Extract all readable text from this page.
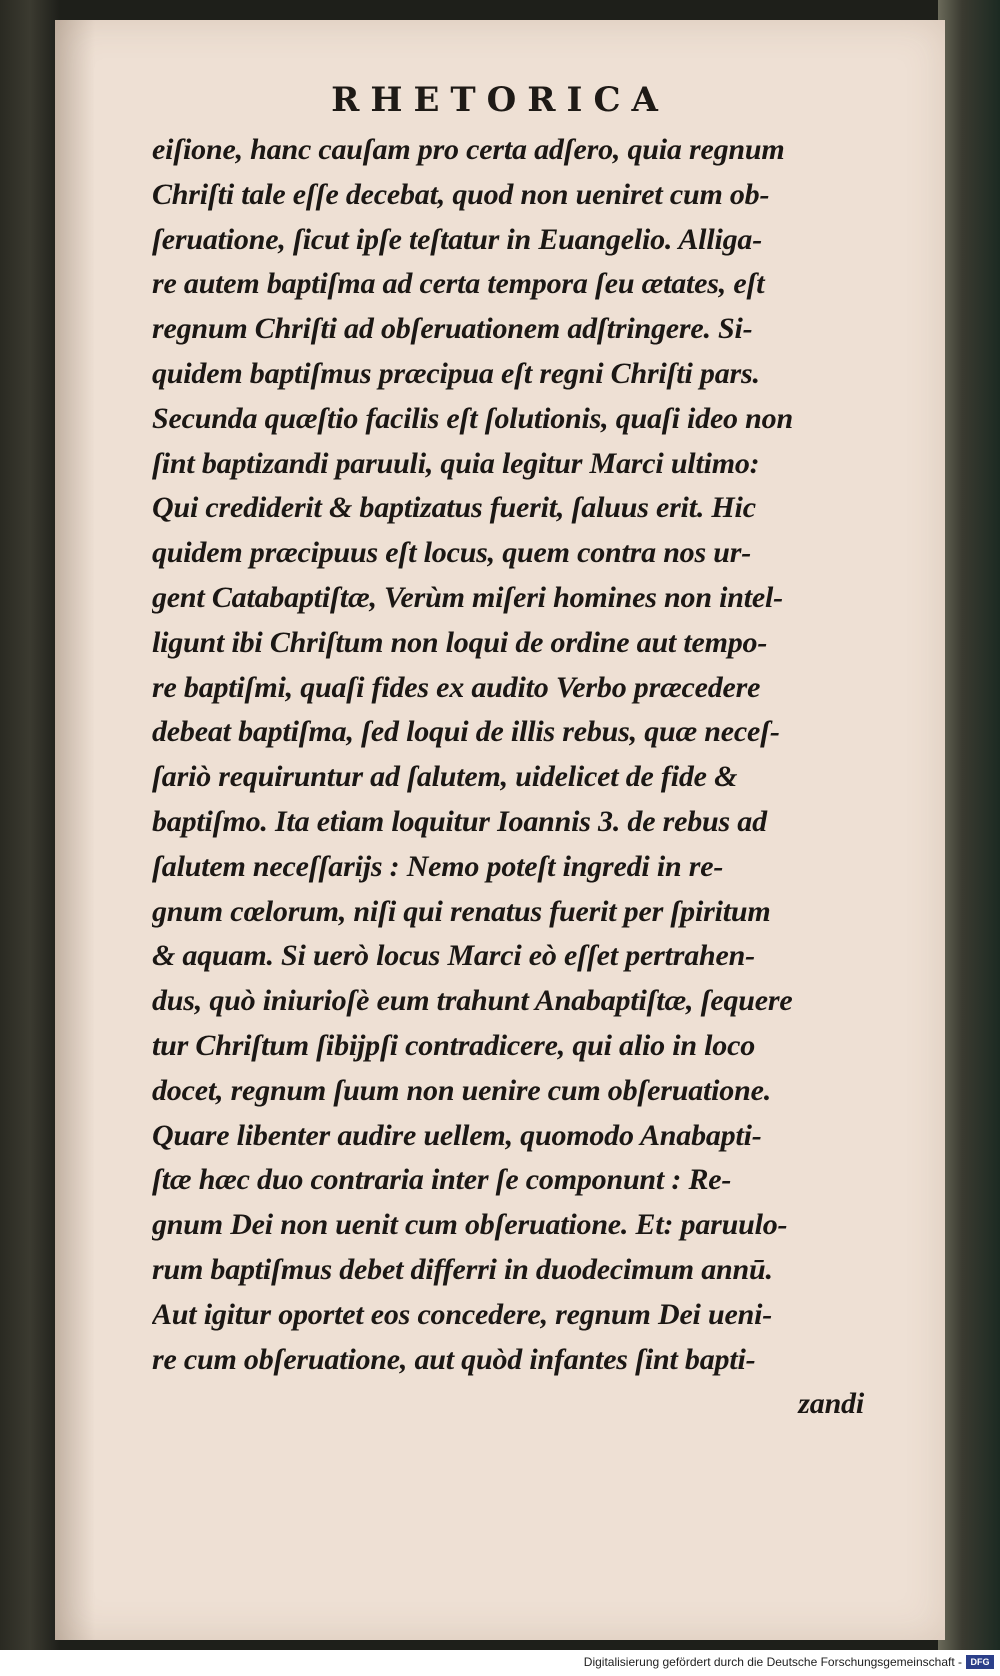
RHETORICA
eiſione, hanc cauſam pro certa adſero, quia regnum
Chriſti tale eſſe decebat, quod non ueniret cum ob-
ſeruatione, ſicut ipſe teſtatur in Euangelio. Alliga-
re autem baptiſma ad certa tempora ſeu ætates, eſt
regnum Chriſti ad obſeruationem adſtringere. Si-
quidem baptiſmus præcipua eſt regni Chriſti pars.
Secunda quæſtio facilis eſt ſolutionis, quaſi ideo non
ſint baptizandi paruuli, quia legitur Marci ultimo:
Qui crediderit & baptizatus fuerit, ſaluus erit. Hic
quidem præcipuus eſt locus, quem contra nos ur-
gent Catabaptiſtæ, Verùm miſeri homines non intel-
ligunt ibi Chriſtum non loqui de ordine aut tempo-
re baptiſmi, quaſi fides ex audito Verbo præcedere
debeat baptiſma, ſed loqui de illis rebus, quæ neceſ-
ſariò requiruntur ad ſalutem, uidelicet de fide &
baptiſmo. Ita etiam loquitur Ioannis 3. de rebus ad
ſalutem neceſſarijs : Nemo poteſt ingredi in re-
gnum cœlorum, niſi qui renatus fuerit per ſpiritum
& aquam. Si uerò locus Marci eò eſſet pertrahen-
dus, quò iniurioſè eum trahunt Anabaptiſtæ, ſequere
tur Chriſtum ſibijpſi contradicere, qui alio in loco
docet, regnum ſuum non uenire cum obſeruatione.
Quare libenter audire uellem, quomodo Anabapti-
ſtæ hæc duo contraria inter ſe componunt : Re-
gnum Dei non uenit cum obſeruatione. Et: paruulo-
rum baptiſmus debet differri in duodecimum annū.
Aut igitur oportet eos concedere, regnum Dei ueni-
re cum obſeruatione, aut quòd infantes ſint bapti-
zandi
Digitalisierung gefördert durch die Deutsche Forschungsgemeinschaft - DFG
